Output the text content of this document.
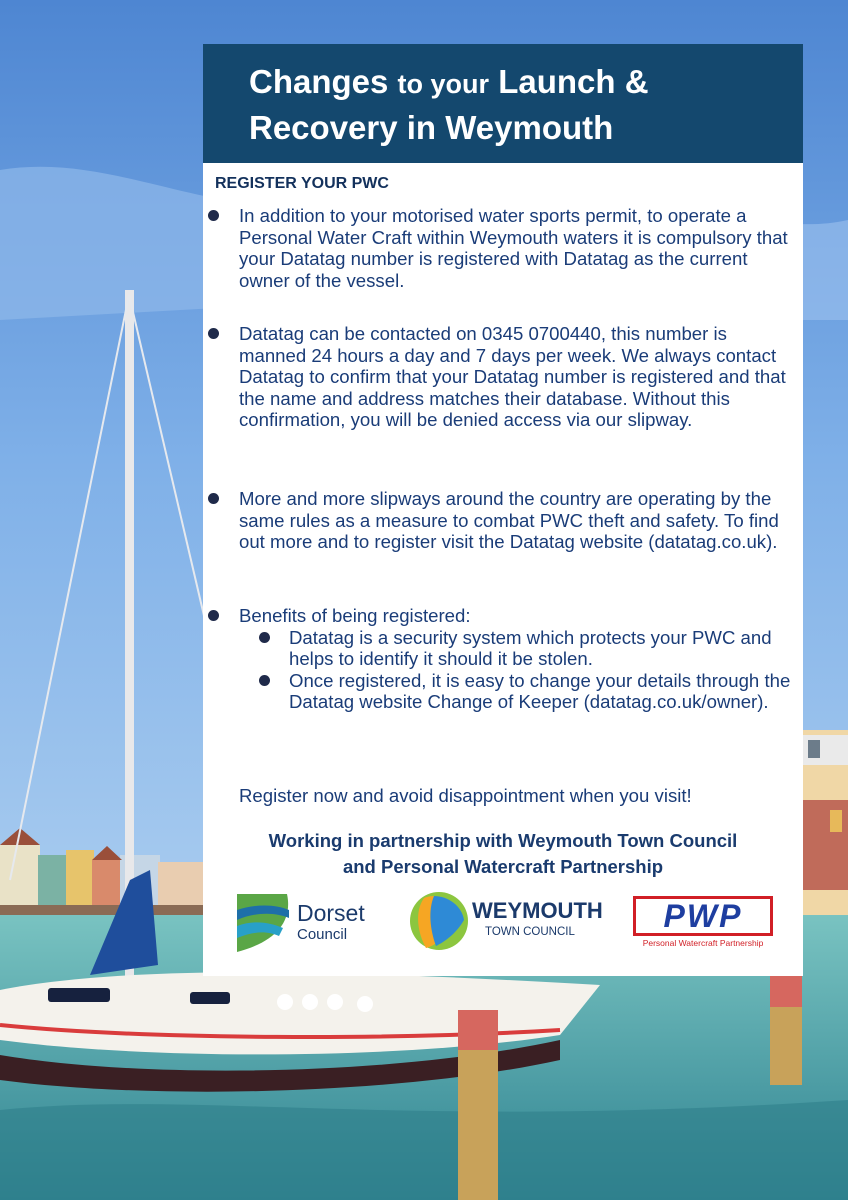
Changes to your Launch &
Recovery in Weymouth
REGISTER YOUR PWC
In addition to your motorised water sports permit, to operate a Personal Water Craft within Weymouth waters it is compulsory that your Datatag number is registered with Datatag as the current owner of the vessel.
Datatag can be contacted on 0345 0700440, this number is manned 24 hours a day and 7 days per week. We always contact Datatag to confirm that your Datatag number is registered and that the name and address matches their database. Without this confirmation, you will be denied access via our slipway.
More and more slipways around the country are operating by the same rules as a measure to combat PWC theft and safety. To find out more and to register visit the Datatag website (datatag.co.uk).
Benefits of being registered:
Datatag is a security system which protects your PWC and helps to identify it should it be stolen.
Once registered, it is easy to change your details through the Datatag website Change of Keeper (datatag.co.uk/owner).
Register now and avoid disappointment when you visit!
Working in partnership with Weymouth Town Council
and Personal Watercraft Partnership
Dorset
Council
WEYMOUTH
TOWN COUNCIL	PWP
Personal Watercraft Partnership
